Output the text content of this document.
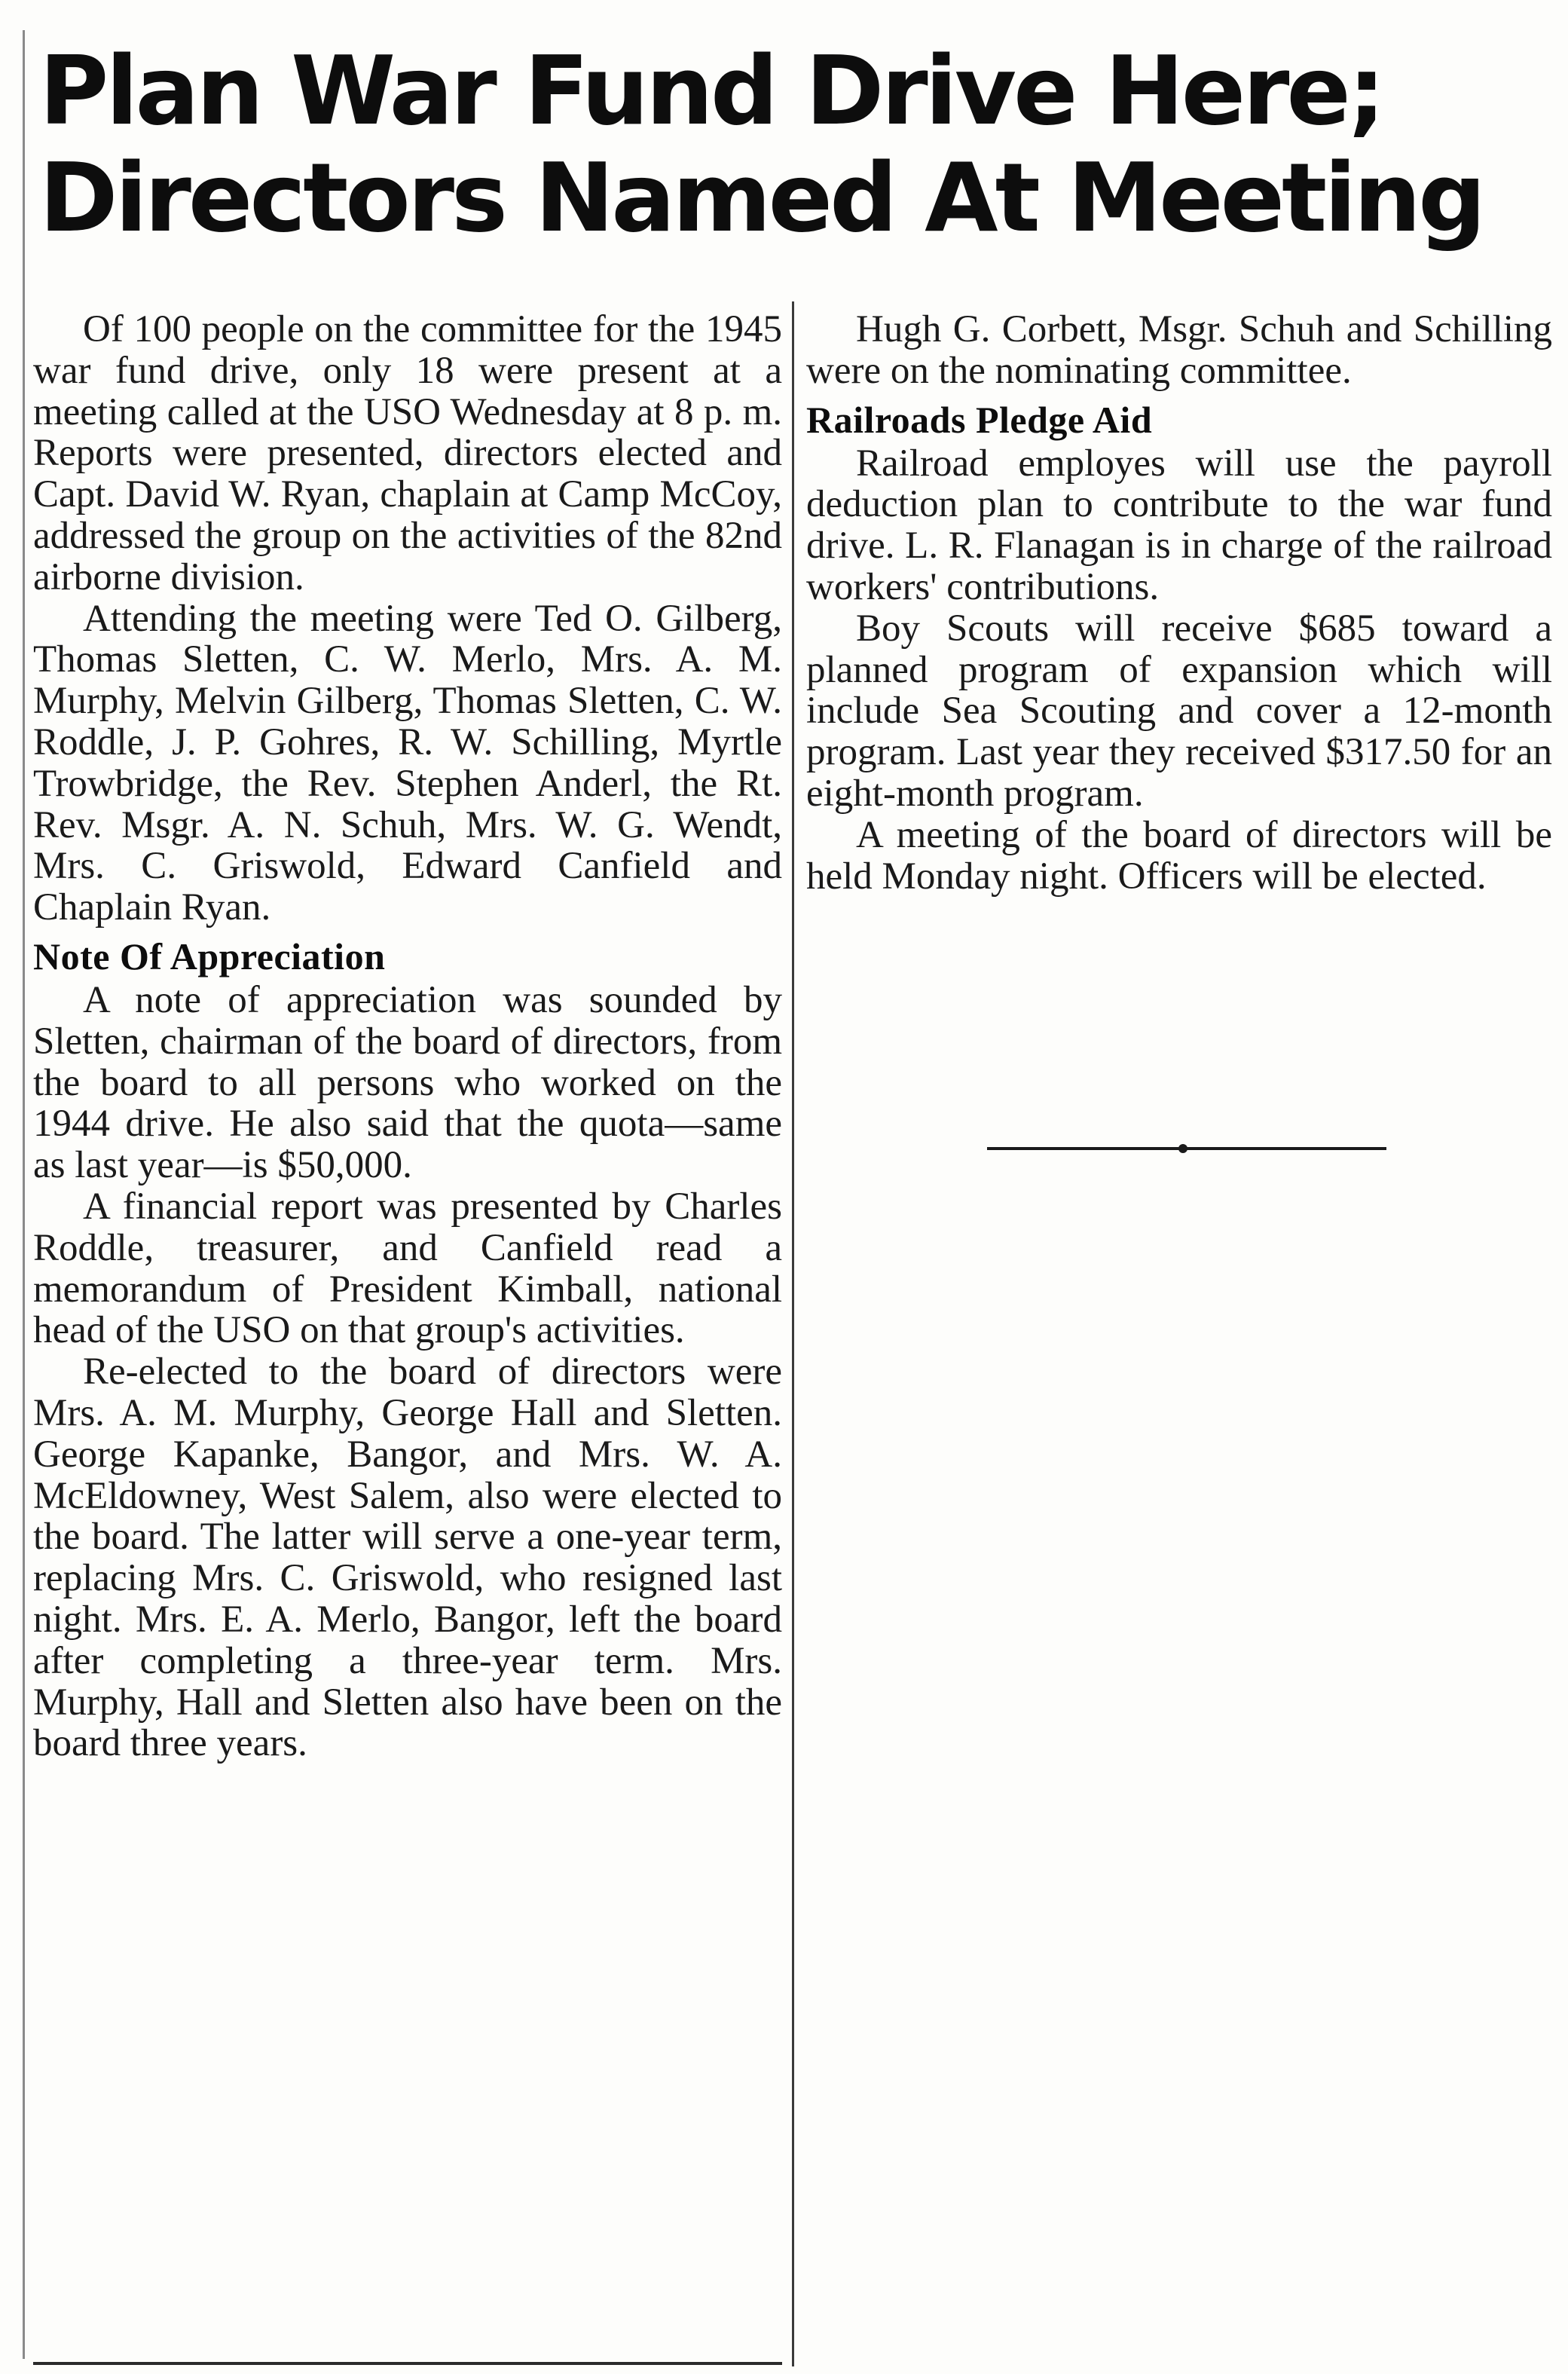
Plan War Fund Drive Here;
Directors Named At Meeting

Of 100 people on the committee for the 1945 war fund drive, only 18 were present at a meeting called at the USO Wednesday at 8 p. m. Reports were presented, directors elected and Capt. David W. Ryan, chaplain at Camp McCoy, addressed the group on the activities of the 82nd airborne division.

Attending the meeting were Ted O. Gilberg, Thomas Sletten, C. W. Merlo, Mrs. A. M. Murphy, Melvin Gilberg, Thomas Sletten, C. W. Roddle, J. P. Gohres, R. W. Schilling, Myrtle Trowbridge, the Rev. Stephen Anderl, the Rt. Rev. Msgr. A. N. Schuh, Mrs. W. G. Wendt, Mrs. C. Griswold, Edward Canfield and Chaplain Ryan.

Note Of Appreciation

A note of appreciation was sounded by Sletten, chairman of the board of directors, from the board to all persons who worked on the 1944 drive. He also said that the quota—same as last year—is $50,000.

A financial report was presented by Charles Roddle, treasurer, and Canfield read a memorandum of President Kimball, national head of the USO on that group's activities.

Re-elected to the board of directors were Mrs. A. M. Murphy, George Hall and Sletten. George Kapanke, Bangor, and Mrs. W. A. McEldowney, West Salem, also were elected to the board. The latter will serve a one-year term, replacing Mrs. C. Griswold, who resigned last night. Mrs. E. A. Merlo, Bangor, left the board after completing a three-year term. Mrs. Murphy, Hall and Sletten also have been on the board three years.

Hugh G. Corbett, Msgr. Schuh and Schilling were on the nominating committee.

Railroads Pledge Aid

Railroad employes will use the payroll deduction plan to contribute to the war fund drive. L. R. Flanagan is in charge of the railroad workers' contributions.

Boy Scouts will receive $685 toward a planned program of expansion which will include Sea Scouting and cover a 12-month program. Last year they received $317.50 for an eight-month program.

A meeting of the board of directors will be held Monday night. Officers will be elected.
